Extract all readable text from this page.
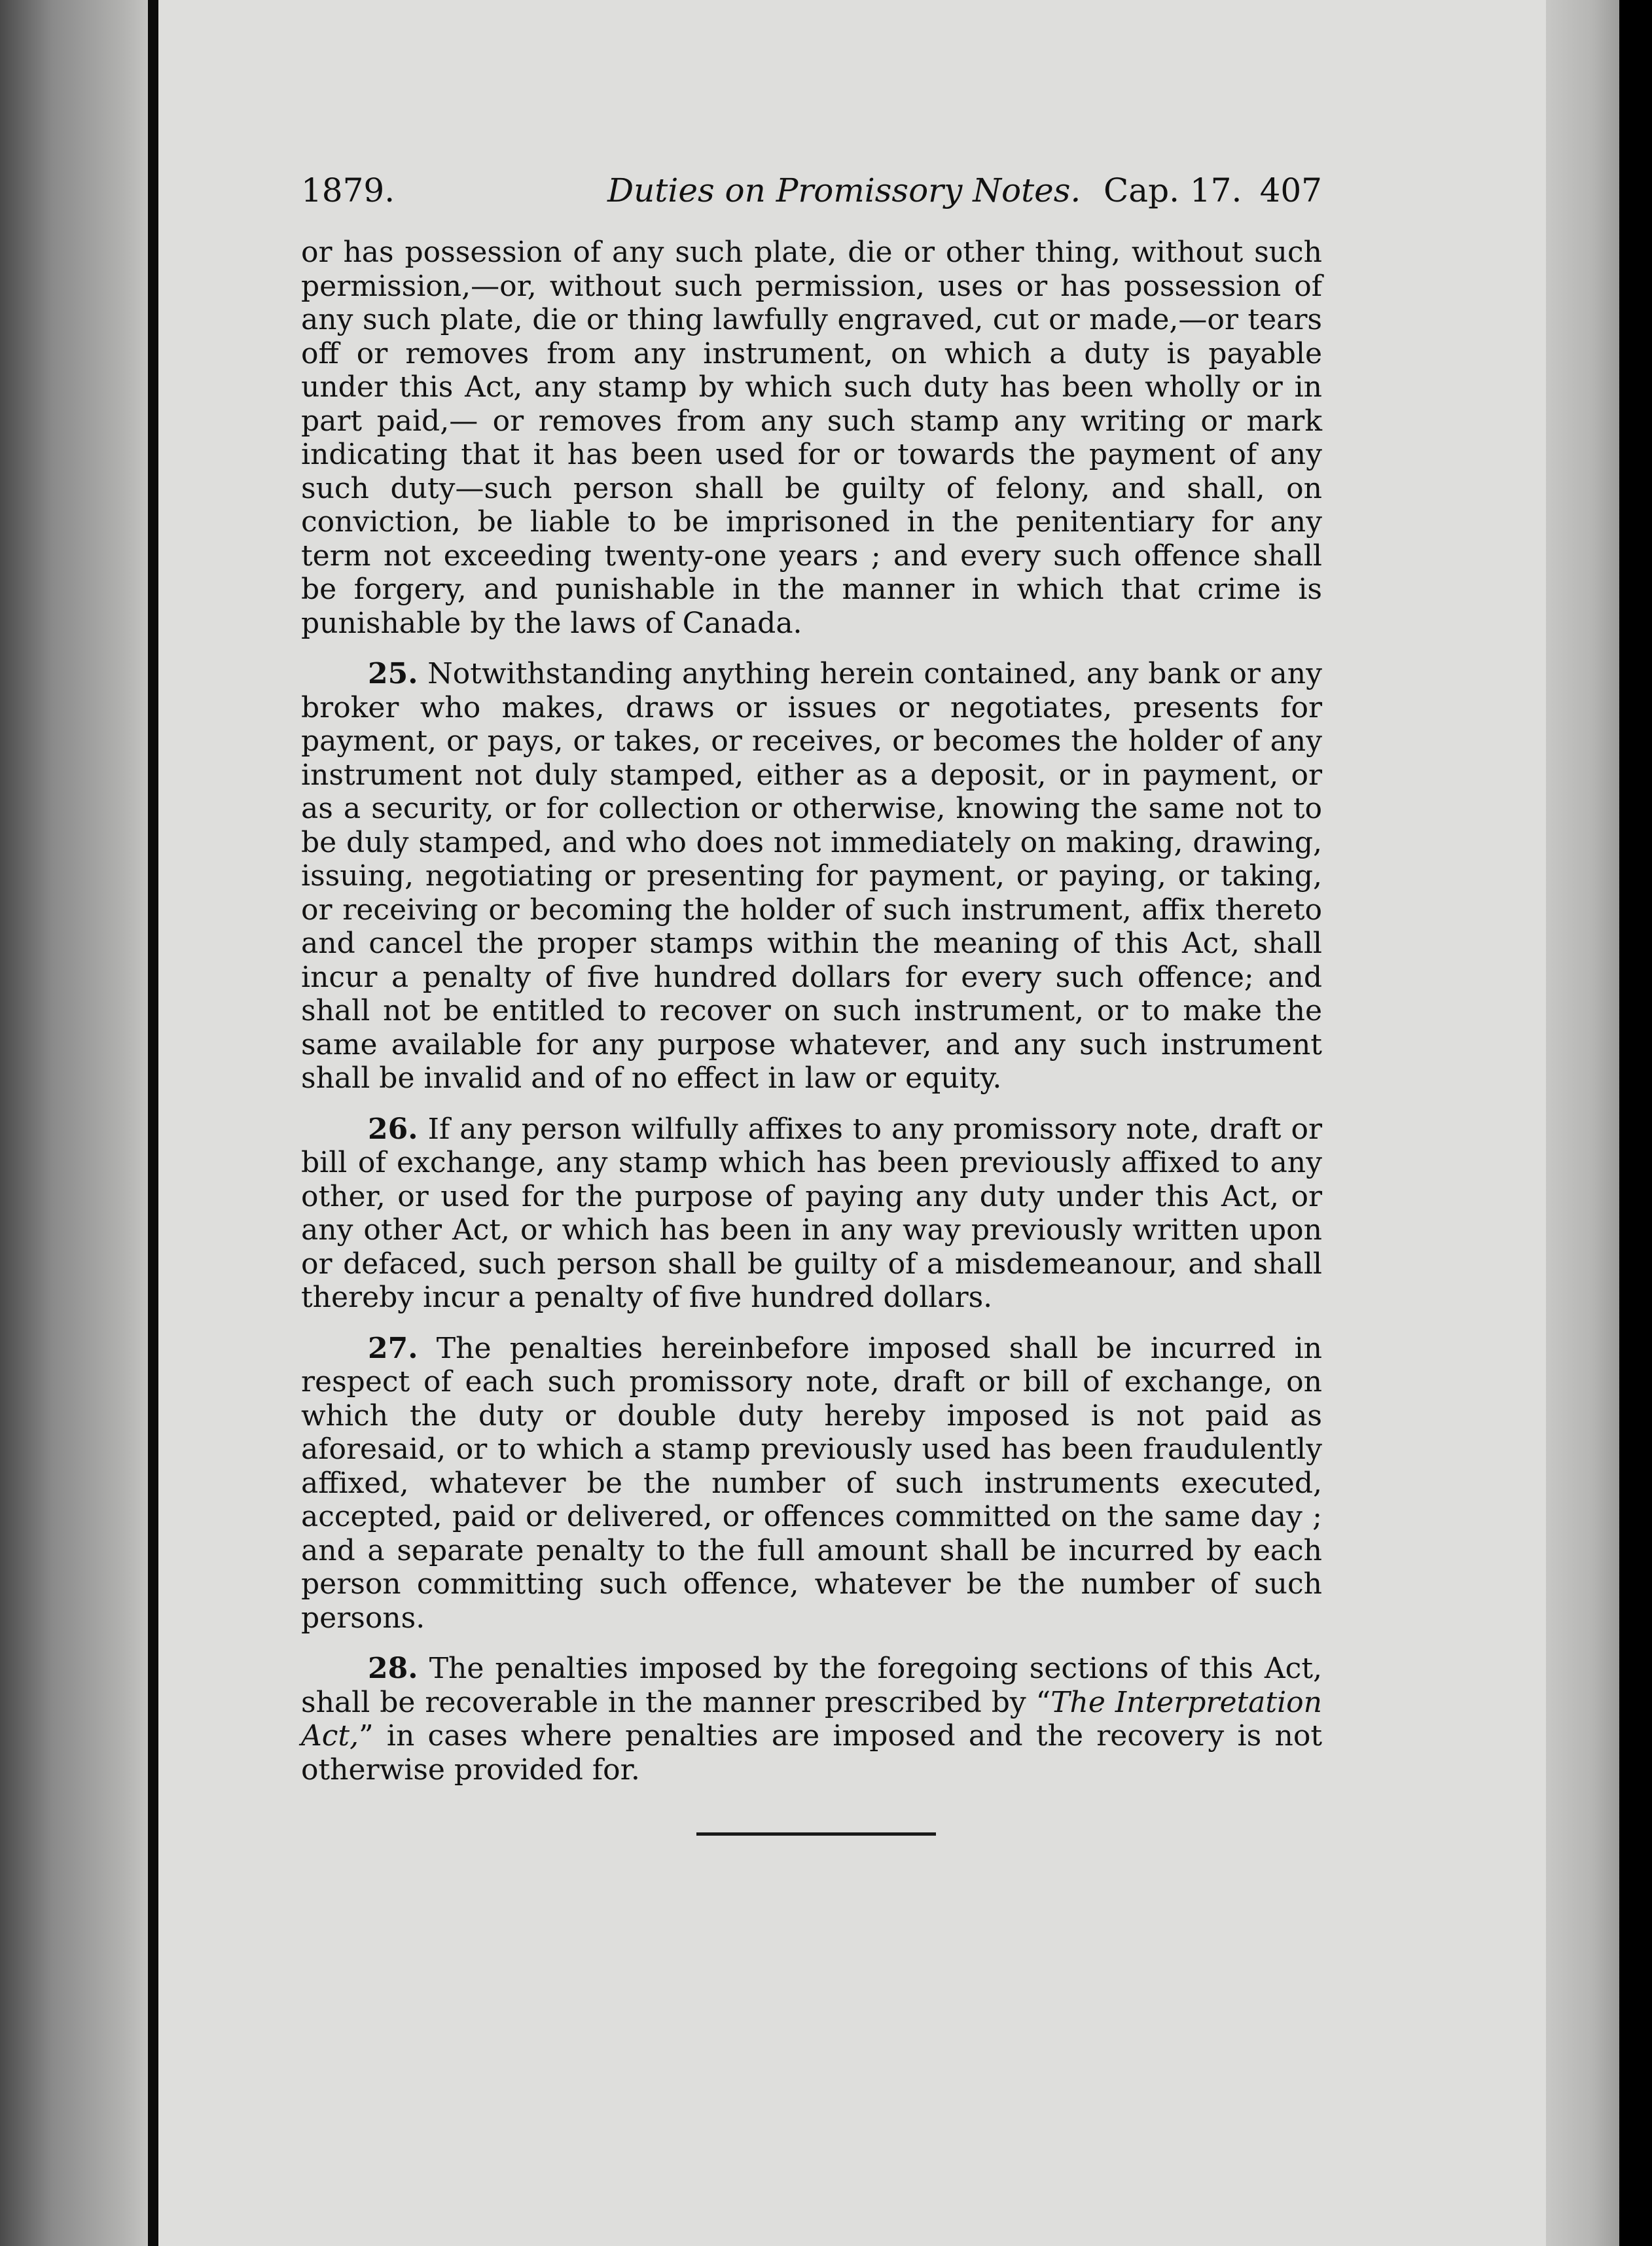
1879.	Duties on Promissory Notes. Cap. 17. 407

or has possession of any such plate, die or other thing, without such permission,—or, without such permission, uses or has possession of any such plate, die or thing lawfully engraved, cut or made,—or tears off or removes from any instrument, on which a duty is payable under this Act, any stamp by which such duty has been wholly or in part paid,— or removes from any such stamp any writing or mark indicating that it has been used for or towards the payment of any such duty—such person shall be guilty of felony, and shall, on conviction, be liable to be imprisoned in the penitentiary for any term not exceeding twenty-one years ; and every such offence shall be forgery, and punishable in the manner in which that crime is punishable by the laws of Canada.

25. Notwithstanding anything herein contained, any bank or any broker who makes, draws or issues or negotiates, presents for payment, or pays, or takes, or receives, or becomes the holder of any instrument not duly stamped, either as a deposit, or in payment, or as a security, or for collection or otherwise, knowing the same not to be duly stamped, and who does not immediately on making, drawing, issuing, negotiating or presenting for payment, or paying, or taking, or receiving or becoming the holder of such instrument, affix thereto and cancel the proper stamps within the meaning of this Act, shall incur a penalty of five hundred dollars for every such offence; and shall not be entitled to recover on such instrument, or to make the same available for any purpose whatever, and any such instrument shall be invalid and of no effect in law or equity.

26. If any person wilfully affixes to any promissory note, draft or bill of exchange, any stamp which has been previously affixed to any other, or used for the purpose of paying any duty under this Act, or any other Act, or which has been in any way previously written upon or defaced, such person shall be guilty of a misdemeanour, and shall thereby incur a penalty of five hundred dollars.

27. The penalties hereinbefore imposed shall be incurred in respect of each such promissory note, draft or bill of exchange, on which the duty or double duty hereby imposed is not paid as aforesaid, or to which a stamp previously used has been fraudulently affixed, whatever be the number of such instruments executed, accepted, paid or delivered, or offences committed on the same day ; and a separate penalty to the full amount shall be incurred by each person committing such offence, whatever be the number of such persons.

28. The penalties imposed by the foregoing sections of this Act, shall be recoverable in the manner prescribed by “The Interpretation Act,” in cases where penalties are imposed and the recovery is not otherwise provided for.
